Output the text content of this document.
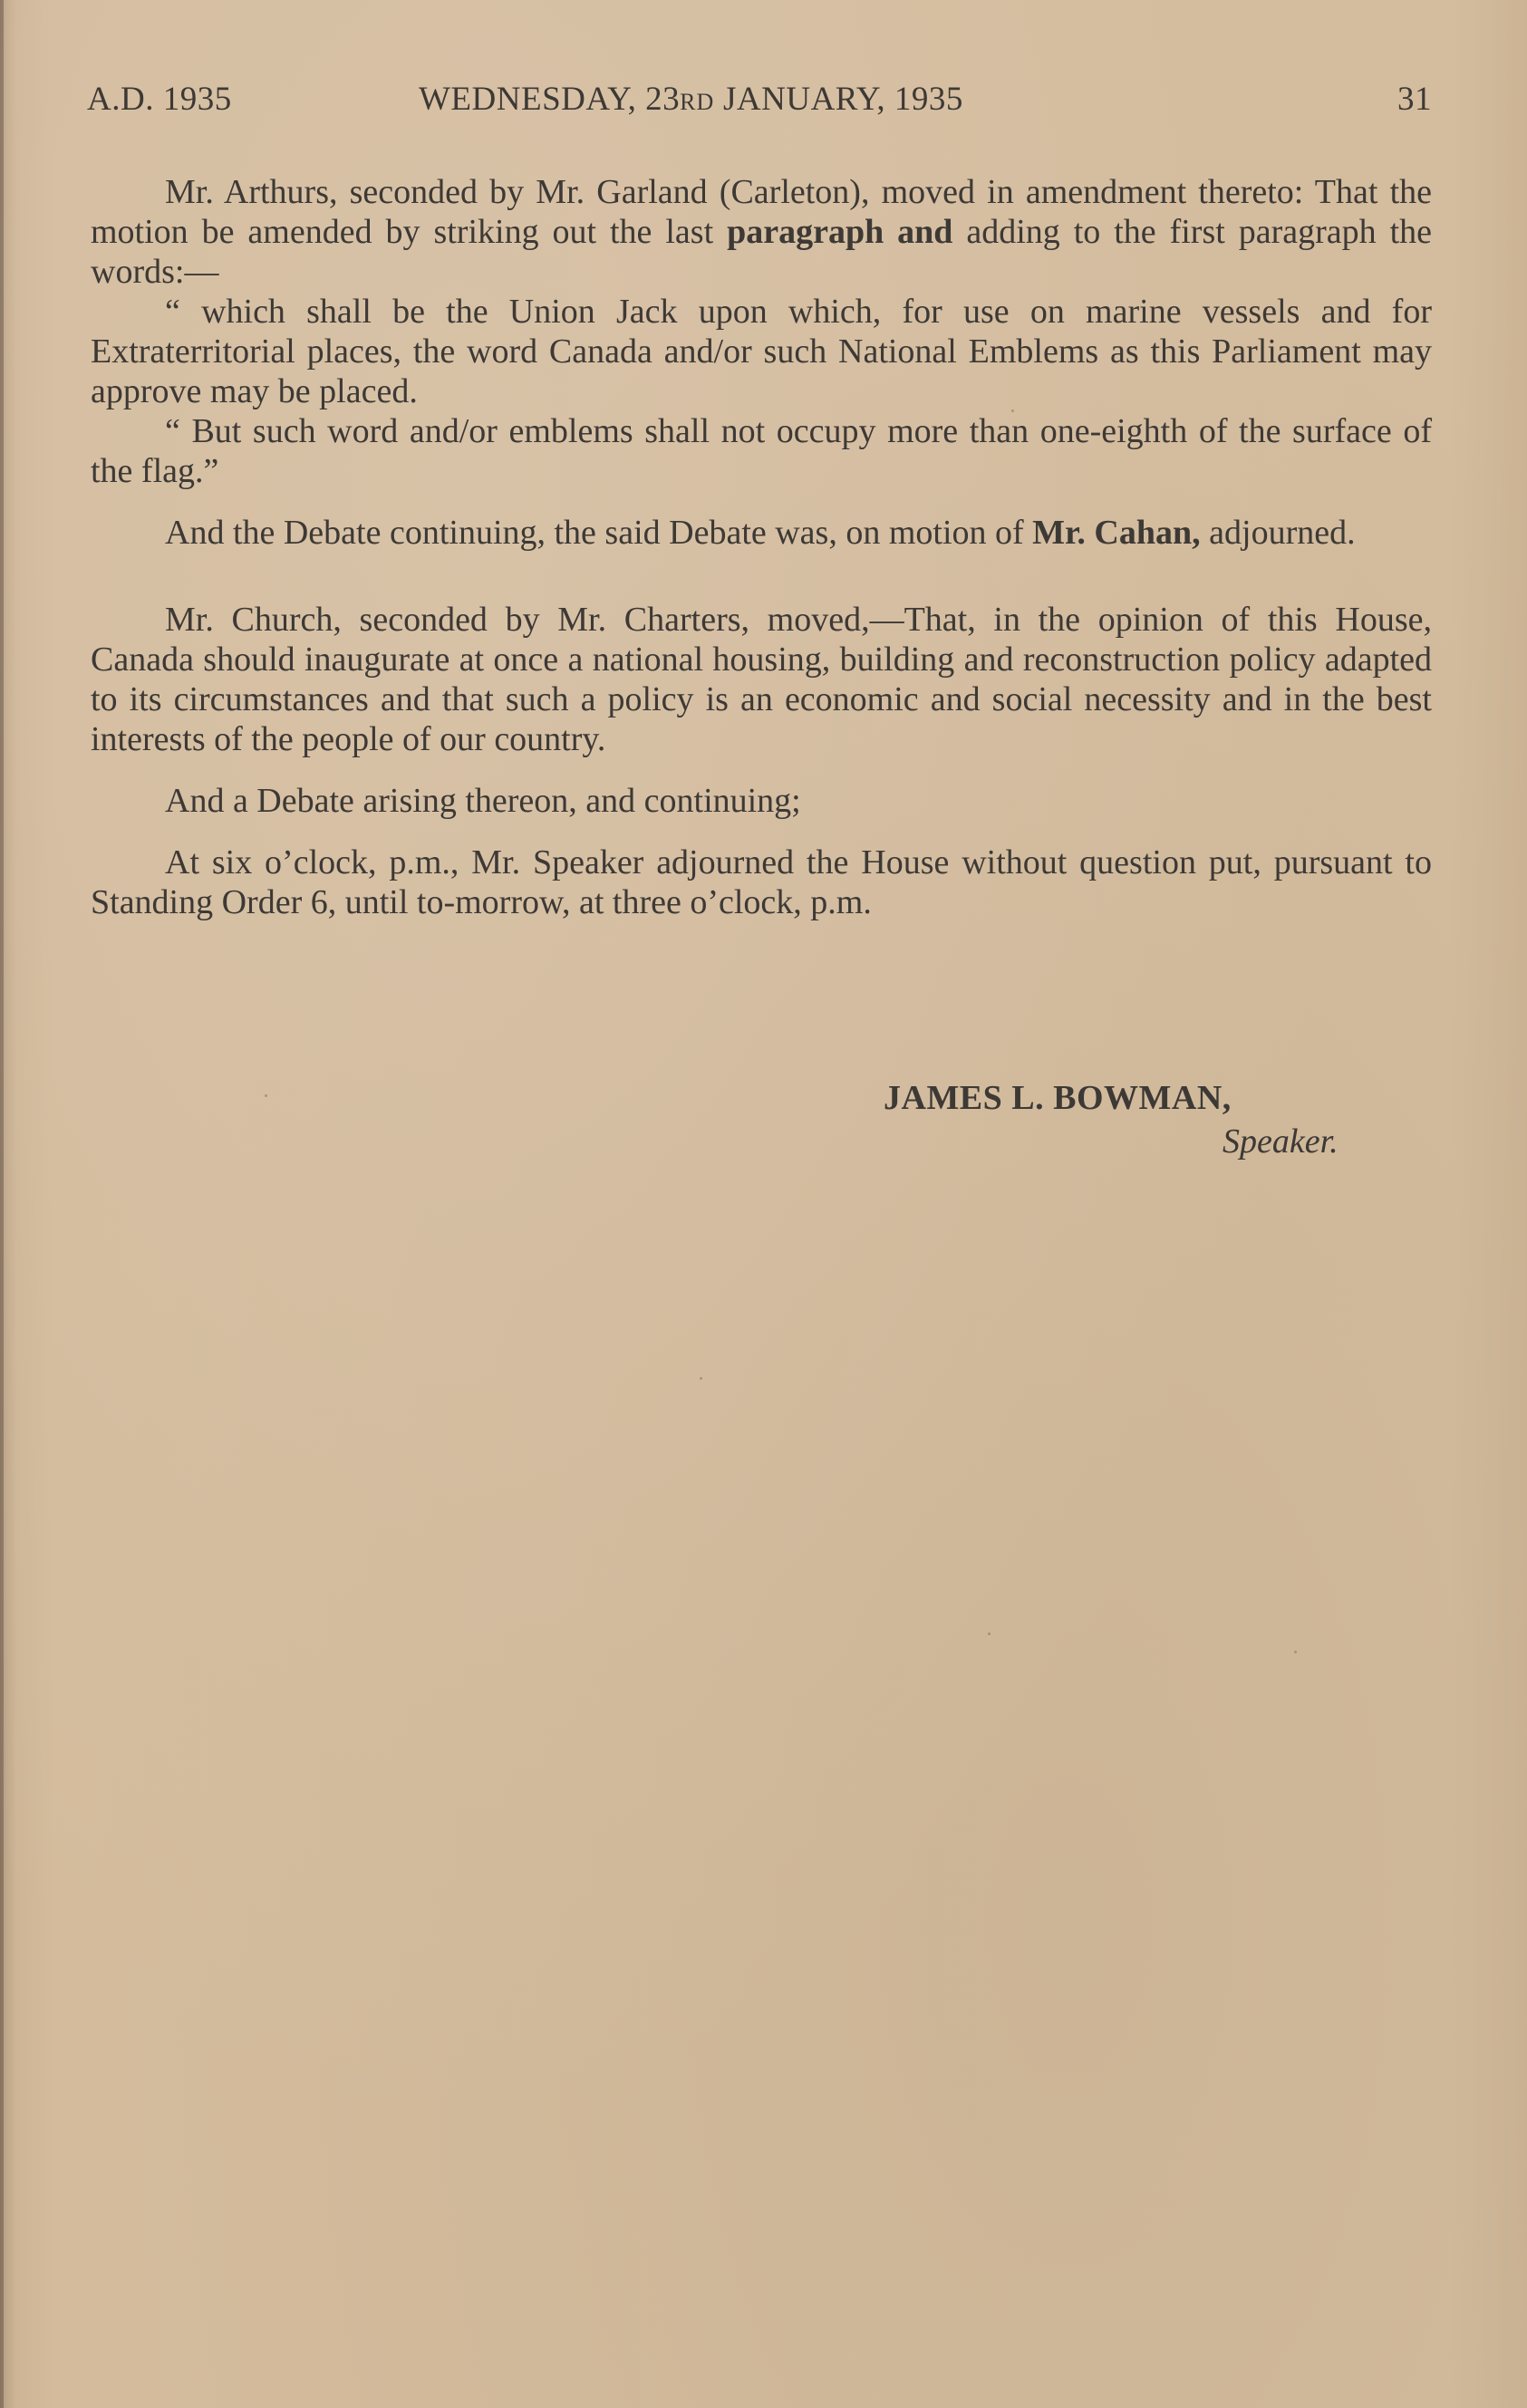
A.D. 1935	WEDNESDAY, 23RD JANUARY, 1935	31

Mr. Arthurs, seconded by Mr. Garland (Carleton), moved in amendment thereto: That the motion be amended by striking out the last paragraph and adding to the first paragraph the words:—

“ which shall be the Union Jack upon which, for use on marine vessels and for Extraterritorial places, the word Canada and/or such National Emblems as this Parliament may approve may be placed.

“ But such word and/or emblems shall not occupy more than one-eighth of the surface of the flag.”

And the Debate continuing, the said Debate was, on motion of Mr. Cahan, adjourned.

Mr. Church, seconded by Mr. Charters, moved,—That, in the opinion of this House, Canada should inaugurate at once a national housing, building and reconstruction policy adapted to its circumstances and that such a policy is an economic and social necessity and in the best interests of the people of our country.

And a Debate arising thereon, and continuing;

At six o’clock, p.m., Mr. Speaker adjourned the House without question put, pursuant to Standing Order 6, until to-morrow, at three o’clock, p.m.

JAMES L. BOWMAN,
Speaker.
